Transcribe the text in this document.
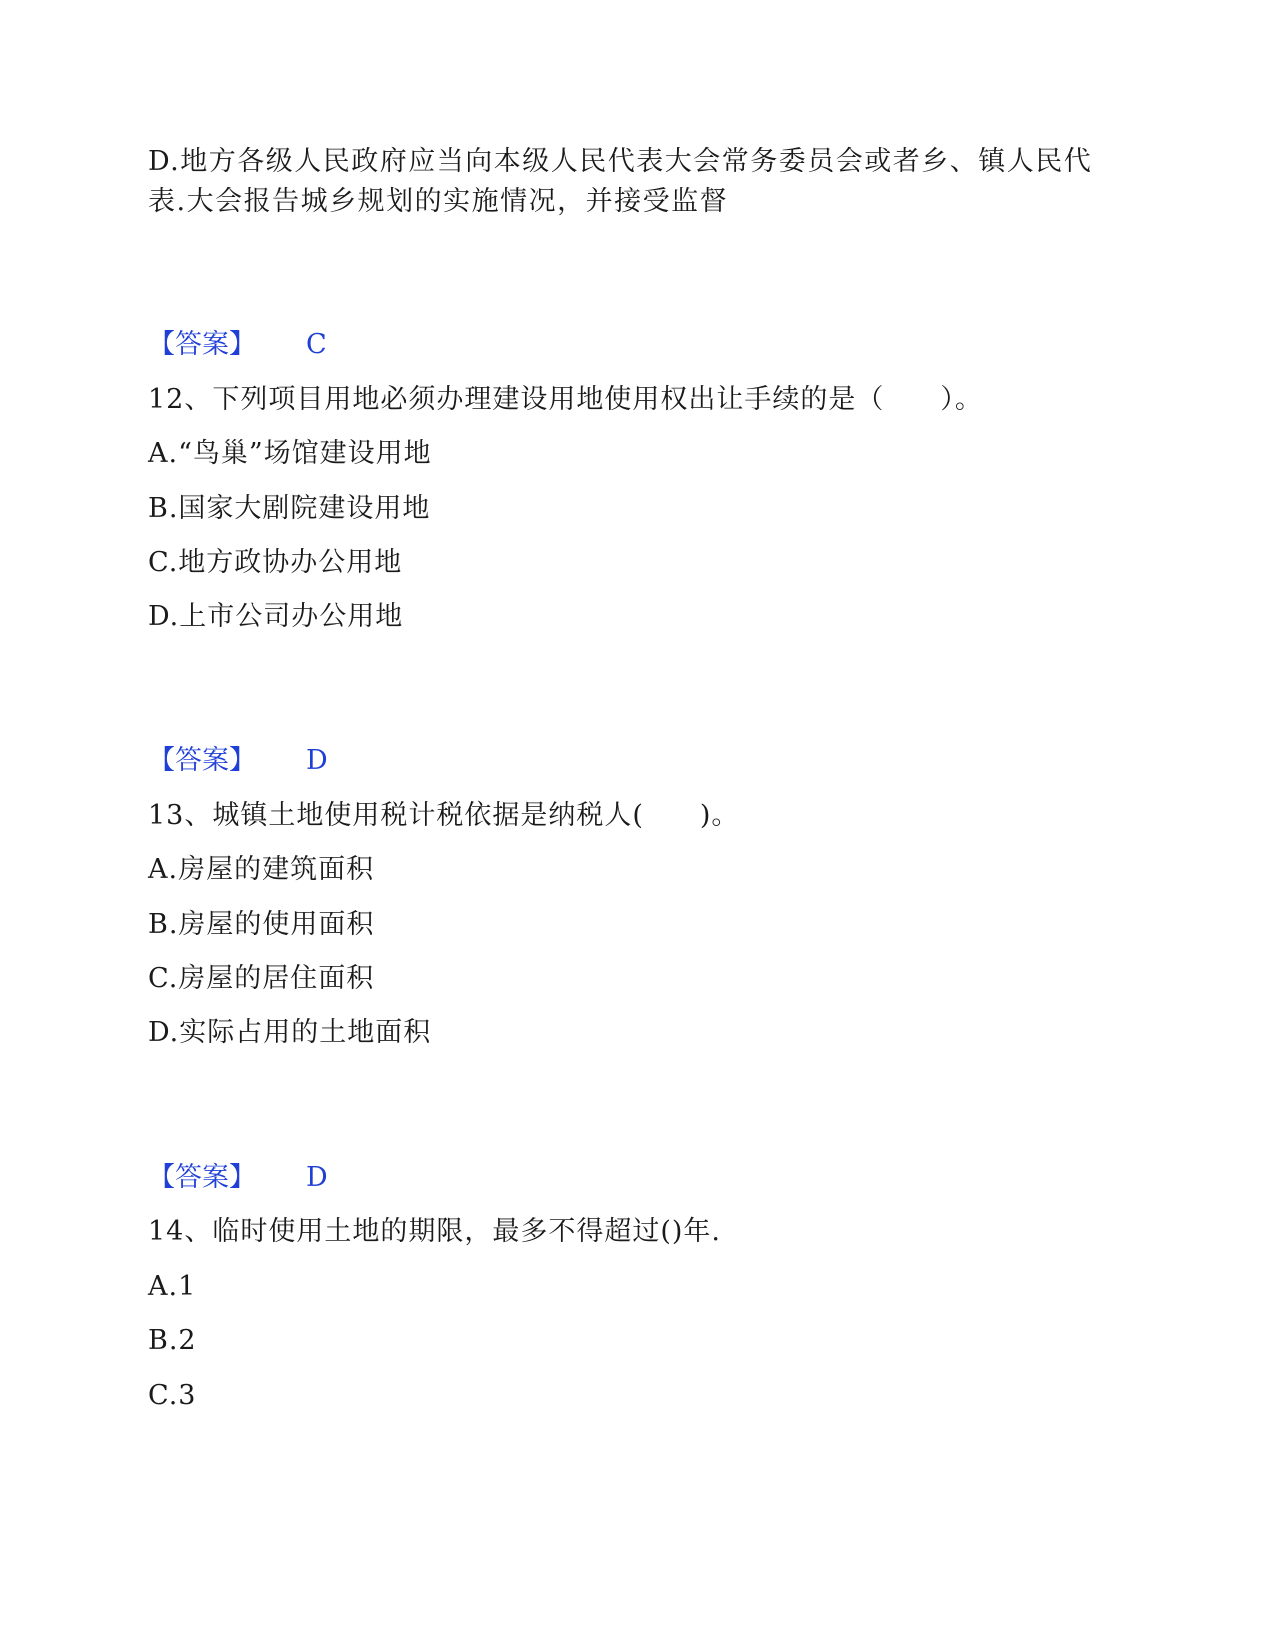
D.地方各级人民政府应当向本级人民代表大会常务委员会或者乡、镇人民代表.大会报告城乡规划的实施情况，并接受监督
【答案】 C
12、下列项目用地必须办理建设用地使用权出让手续的是（　　）。
A.“鸟巢”场馆建设用地
B.国家大剧院建设用地
C.地方政协办公用地
D.上市公司办公用地
【答案】 D
13、城镇土地使用税计税依据是纳税人(　　)。
A.房屋的建筑面积
B.房屋的使用面积
C.房屋的居住面积
D.实际占用的土地面积
【答案】 D
14、临时使用土地的期限，最多不得超过()年.
A.1
B.2
C.3
